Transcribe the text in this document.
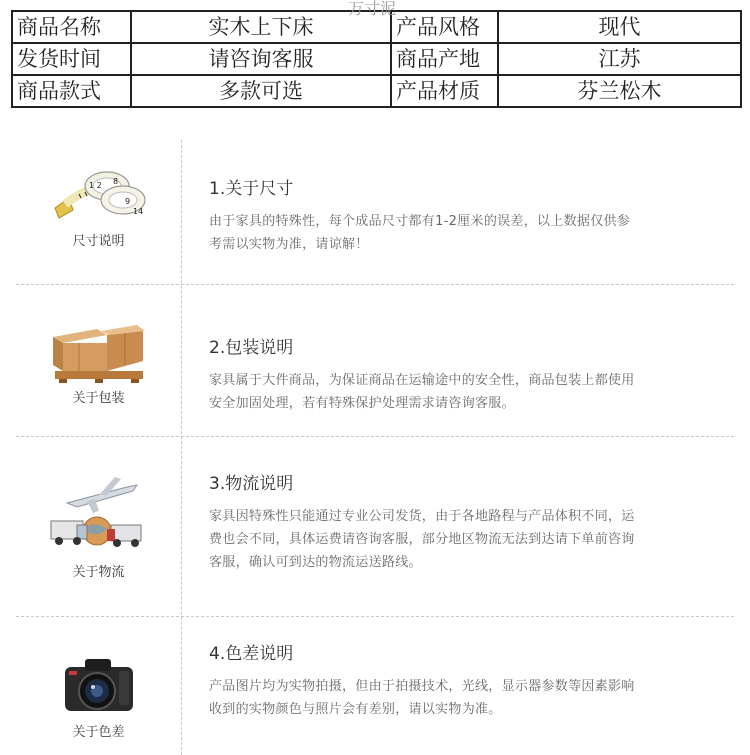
万寸泥
商品名称	实木上下床	产品风格	现代
发货时间	请咨询客服	商品产地	江苏
商品款式	多款可选	产品材质	芬兰松木
1 2 8
9
14
尺寸说明

1.关于尺寸

由于家具的特殊性，每个成品尺寸都有1-2厘米的误差，以上数据仅供参
考需以实物为准，请谅解！

关于包装

2.包装说明

家具属于大件商品，为保证商品在运输途中的安全性，商品包装上都使用
安全加固处理，若有特殊保护处理需求请咨询客服。

关于物流

3.物流说明

家具因特殊性只能通过专业公司发货，由于各地路程与产品体积不同，运
费也会不同，具体运费请咨询客服，部分地区物流无法到达请下单前咨询
客服，确认可到达的物流运送路线。

关于色差

4.色差说明

产品图片均为实物拍摄，但由于拍摄技术，光线，显示器参数等因素影响
收到的实物颜色与照片会有差别，请以实物为准。
